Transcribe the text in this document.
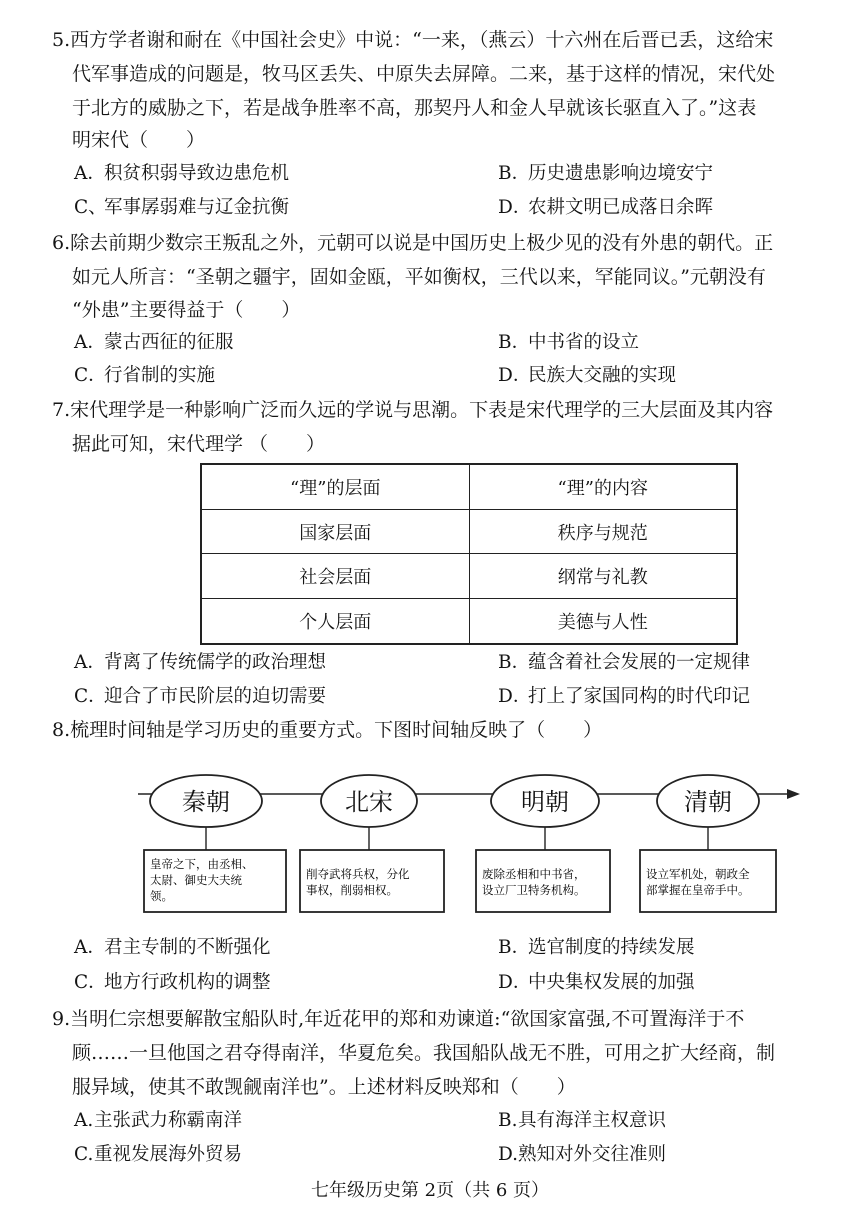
5.西方学者谢和耐在《中国社会史》中说：“一来，（燕云）十六州在后晋已丢，这给宋
代军事造成的问题是，牧马区丢失、中原失去屏障。二来，基于这样的情况，宋代处
于北方的威胁之下，若是战争胜率不高，那契丹人和金人早就该长驱直入了。”这表
明宋代（　　）
A．积贫积弱导致边患危机	B．历史遗患影响边境安宁
C、军事孱弱难与辽金抗衡	D．农耕文明已成落日余晖
6.除去前期少数宗王叛乱之外，元朝可以说是中国历史上极少见的没有外患的朝代。正
如元人所言：“圣朝之疆宇，固如金瓯，平如衡权，三代以来，罕能同议。”元朝没有
“外患”主要得益于（　　）
A．蒙古西征的征服	B．中书省的设立
C．行省制的实施	D．民族大交融的实现
7.宋代理学是一种影响广泛而久远的学说与思潮。下表是宋代理学的三大层面及其内容
据此可知，宋代理学 （　　）
“理”的层面	“理”的内容
国家层面	秩序与规范
社会层面	纲常与礼教
个人层面	美德与人性
A．背离了传统儒学的政治理想	B．蕴含着社会发展的一定规律
C．迎合了市民阶层的迫切需要	D．打上了家国同构的时代印记
8.梳理时间轴是学习历史的重要方式。下图时间轴反映了（　　）
秦朝
皇帝之下，由丞相、
太尉、御史大夫统
领。
北宋
削夺武将兵权，分化
事权，削弱相权。
明朝
废除丞相和中书省，
设立厂卫特务机构。
清朝
设立军机处，朝政全
部掌握在皇帝手中。
A．君主专制的不断强化	B．选官制度的持续发展
C．地方行政机构的调整	D．中央集权发展的加强
9.当明仁宗想要解散宝船队时,年近花甲的郑和劝谏道:“欲国家富强,不可置海洋于不
顾……一旦他国之君夺得南洋，华夏危矣。我国船队战无不胜，可用之扩大经商，制
服异域，使其不敢觊觎南洋也”。上述材料反映郑和（　　）
A.主张武力称霸南洋	B.具有海洋主权意识
C.重视发展海外贸易	D.熟知对外交往准则
七年级历史第 2页（共 6 页）
